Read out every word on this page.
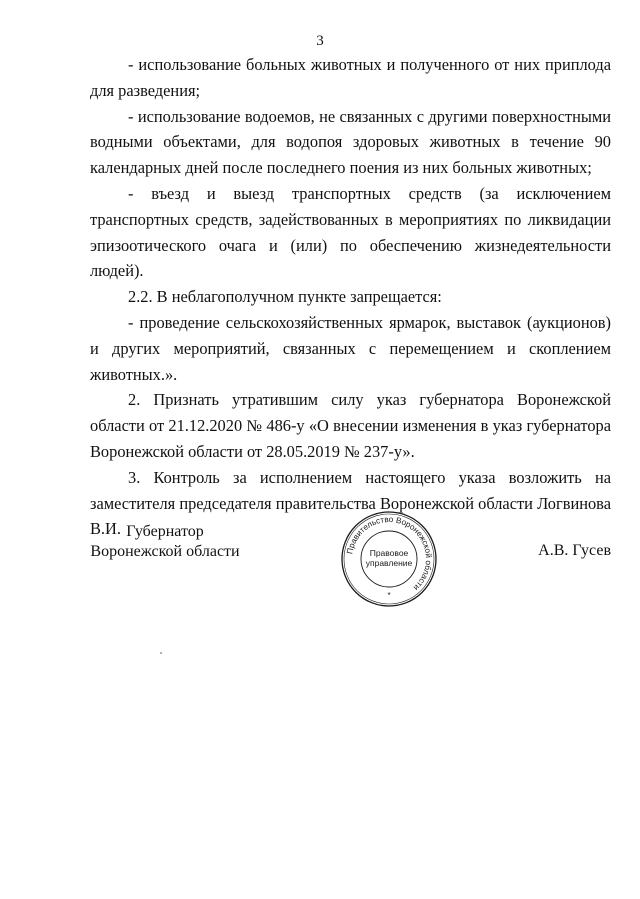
3

- использование больных животных и полученного от них приплода для разведения;

- использование водоемов, не связанных с другими поверхностными водными объектами, для водопоя здоровых животных в течение 90 календарных дней после последнего поения из них больных животных;

- въезд и выезд транспортных средств (за исключением транспортных средств, задействованных в мероприятиях по ликвидации эпизоотического очага и (или) по обеспечению жизнедеятельности людей).

2.2. В неблагополучном пункте запрещается:

- проведение сельскохозяйственных ярмарок, выставок (аукционов) и других мероприятий, связанных с перемещением и скоплением животных.».

2. Признать утратившим силу указ губернатора Воронежской области от 21.12.2020 № 486-у «О внесении изменения в указ губернатора Воронежской области от 28.05.2019 № 237-у».

3. Контроль за исполнением настоящего указа возложить на заместителя председателя правительства Воронежской области Логвинова В.И. Губернатор
Воронежской области	А.В. Гусев
Правительство Воронежской области
Правовое
управление
*
